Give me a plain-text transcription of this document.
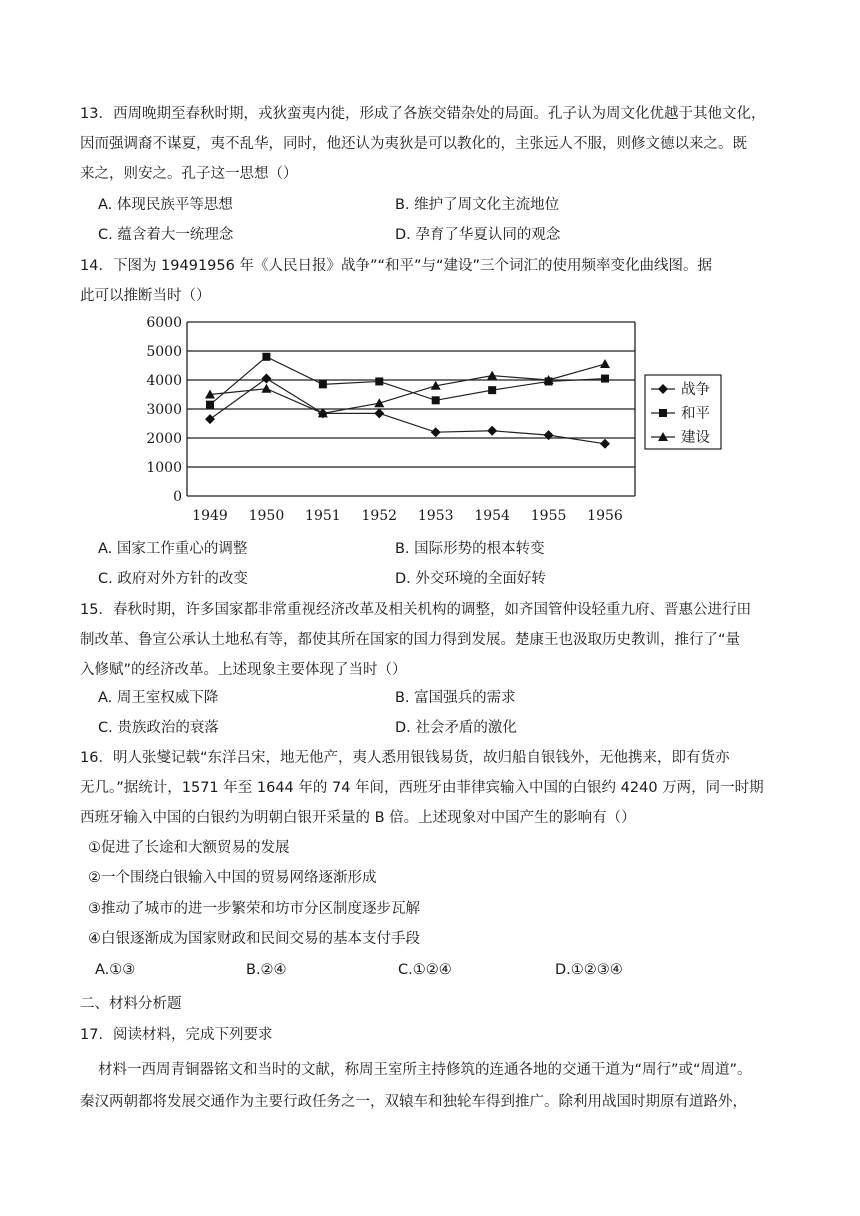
13．西周晚期至春秋时期，戎狄蛮夷内徙，形成了各族交错杂处的局面。孔子认为周文化优越于其他文化，
因而强调裔不谋夏，夷不乱华，同时，他还认为夷狄是可以教化的，主张远人不服，则修文德以来之。既
来之，则安之。孔子这一思想（）
A. 体现民族平等思想	B. 维护了周文化主流地位
C. 蕴含着大一统理念	D. 孕育了华夏认同的观念
14．下图为 19491956 年《人民日报》战争”“和平”与“建设”三个词汇的使用频率变化曲线图。据
此可以推断当时（）
0
1000
2000
3000
4000
5000
6000
1949 1950 1951 1952 1953 1954 1955 1956
战争
和平
建设
A. 国家工作重心的调整	B. 国际形势的根本转变
C. 政府对外方针的改变	D. 外交环境的全面好转
15．春秋时期，许多国家都非常重视经济改革及相关机构的调整，如齐国管仲设轻重九府、晋惠公进行田
制改革、鲁宣公承认土地私有等，都使其所在国家的国力得到发展。楚康王也汲取历史教训，推行了“量
入修赋”的经济改革。上述现象主要体现了当时（）
A. 周王室权威下降	B. 富国强兵的需求
C. 贵族政治的衰落	D. 社会矛盾的激化
16．明人张燮记载“东洋吕宋，地无他产，夷人悉用银钱易货，故归船自银钱外，无他携来，即有货亦
无几。”据统计，1571 年至 1644 年的 74 年间，西班牙由菲律宾输入中国的白银约 4240 万两，同一时期
西班牙输入中国的白银约为明朝白银开采量的 B 倍。上述现象对中国产生的影响有（）
①促进了长途和大额贸易的发展
②一个围绕白银输入中国的贸易网络逐渐形成
③推动了城市的进一步繁荣和坊市分区制度逐步瓦解
④白银逐渐成为国家财政和民间交易的基本支付手段
A.①③	B.②④	C.①②④	D.①②③④
二、材料分析题
17．阅读材料，完成下列要求
材料一西周青铜器铭文和当时的文献，称周王室所主持修筑的连通各地的交通干道为“周行”或“周道”。
秦汉两朝都将发展交通作为主要行政任务之一，双辕车和独轮车得到推广。除利用战国时期原有道路外，
